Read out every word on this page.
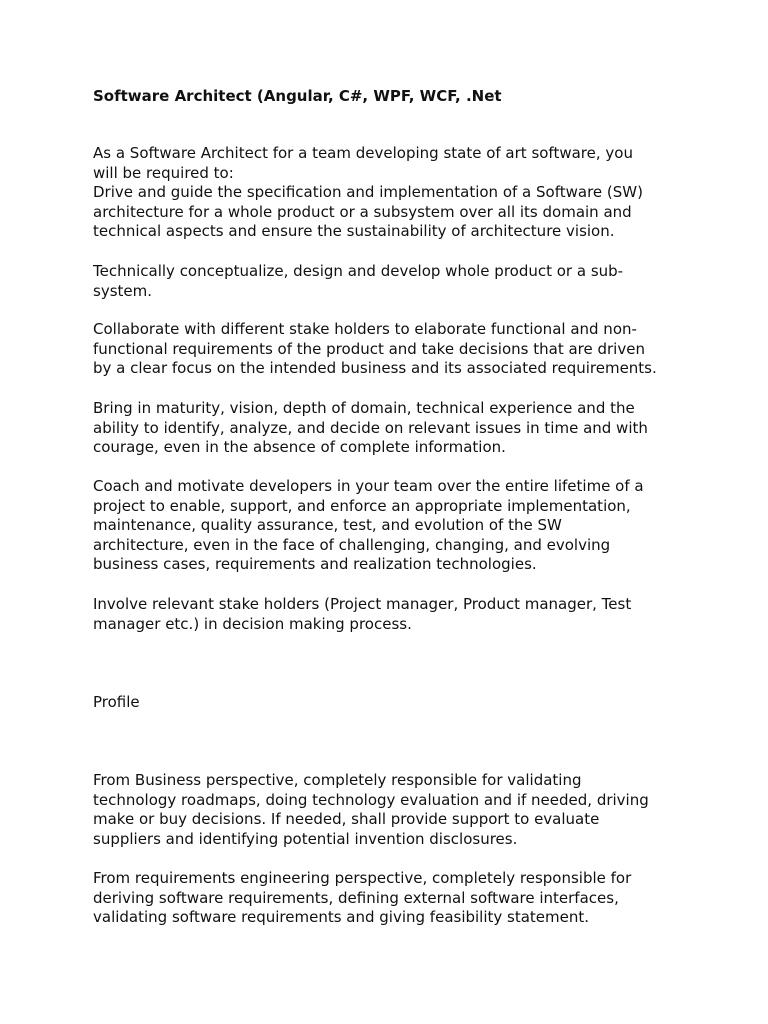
Software Architect (Angular, C#, WPF, WCF, .Net

As a Software Architect for a team developing state of art software, you
will be required to:
Drive and guide the specification and implementation of a Software (SW)
architecture for a whole product or a subsystem over all its domain and
technical aspects and ensure the sustainability of architecture vision.

Technically conceptualize, design and develop whole product or a sub-
system.

Collaborate with different stake holders to elaborate functional and non-
functional requirements of the product and take decisions that are driven
by a clear focus on the intended business and its associated requirements.

Bring in maturity, vision, depth of domain, technical experience and the
ability to identify, analyze, and decide on relevant issues in time and with
courage, even in the absence of complete information.

Coach and motivate developers in your team over the entire lifetime of a
project to enable, support, and enforce an appropriate implementation,
maintenance, quality assurance, test, and evolution of the SW
architecture, even in the face of challenging, changing, and evolving
business cases, requirements and realization technologies.

Involve relevant stake holders (Project manager, Product manager, Test
manager etc.) in decision making process.

Profile

From Business perspective, completely responsible for validating
technology roadmaps, doing technology evaluation and if needed, driving
make or buy decisions. If needed, shall provide support to evaluate
suppliers and identifying potential invention disclosures.

From requirements engineering perspective, completely responsible for
deriving software requirements, defining external software interfaces,
validating software requirements and giving feasibility statement.
